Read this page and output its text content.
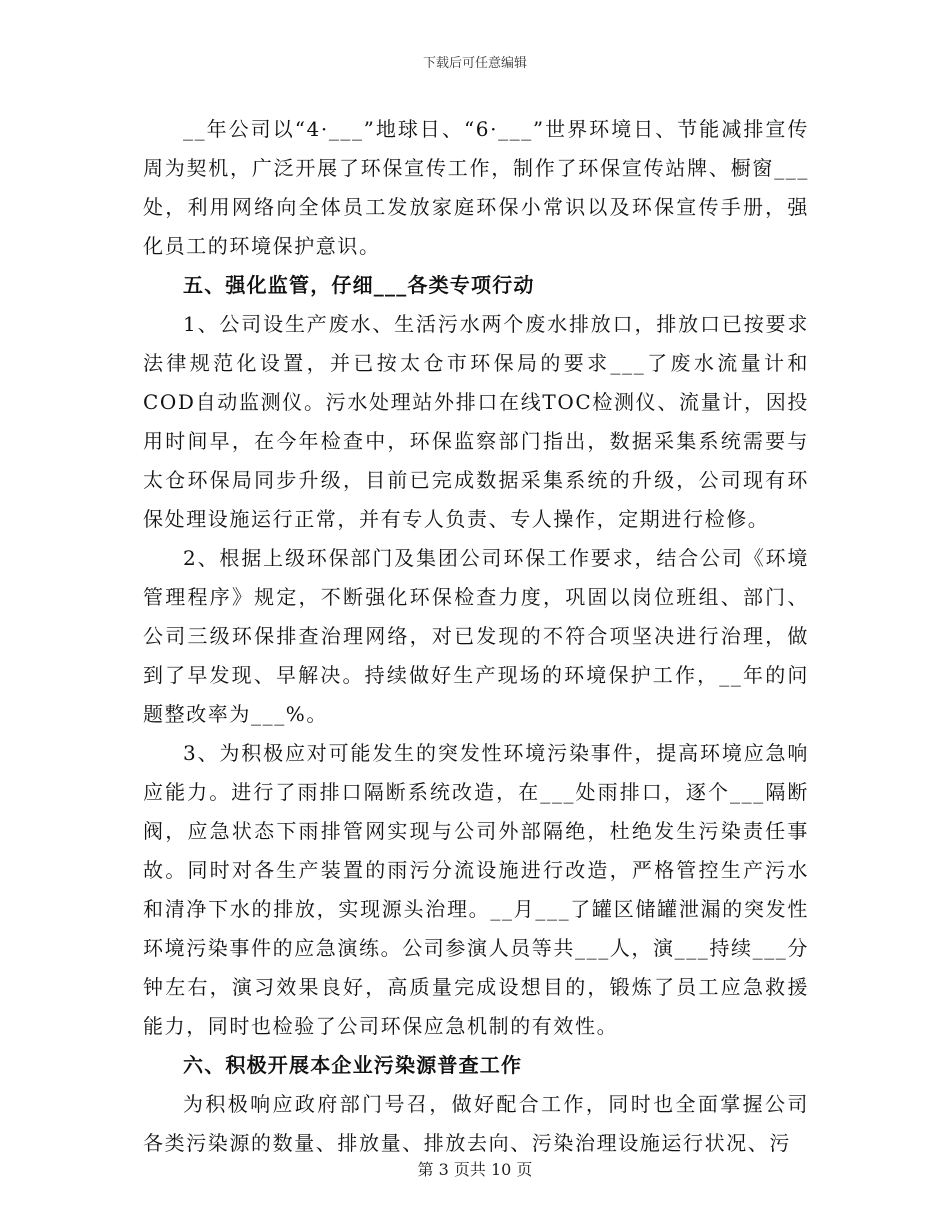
下载后可任意编辑

__年公司以“4·___”地球日、“6·___”世界环境日、节能减排宣传周为契机，广泛开展了环保宣传工作，制作了环保宣传站牌、橱窗___处，利用网络向全体员工发放家庭环保小常识以及环保宣传手册，强化员工的环境保护意识。

五、强化监管，仔细___各类专项行动

1、公司设生产废水、生活污水两个废水排放口，排放口已按要求法律规范化设置，并已按太仓市环保局的要求___了废水流量计和COD自动监测仪。污水处理站外排口在线TOC检测仪、流量计，因投用时间早，在今年检查中，环保监察部门指出，数据采集系统需要与太仓环保局同步升级，目前已完成数据采集系统的升级，公司现有环保处理设施运行正常，并有专人负责、专人操作，定期进行检修。

2、根据上级环保部门及集团公司环保工作要求，结合公司《环境管理程序》规定，不断强化环保检查力度，巩固以岗位班组、部门、公司三级环保排查治理网络，对已发现的不符合项坚决进行治理，做到了早发现、早解决。持续做好生产现场的环境保护工作，__年的问题整改率为___%。

3、为积极应对可能发生的突发性环境污染事件，提高环境应急响应能力。进行了雨排口隔断系统改造，在___处雨排口，逐个___隔断阀，应急状态下雨排管网实现与公司外部隔绝，杜绝发生污染责任事故。同时对各生产装置的雨污分流设施进行改造，严格管控生产污水和清净下水的排放，实现源头治理。__月___了罐区储罐泄漏的突发性环境污染事件的应急演练。公司参演人员等共___人，演___持续___分钟左右，演习效果良好，高质量完成设想目的，锻炼了员工应急救援能力，同时也检验了公司环保应急机制的有效性。

六、积极开展本企业污染源普查工作

为积极响应政府部门号召，做好配合工作，同时也全面掌握公司各类污染源的数量、排放量、排放去向、污染治理设施运行状况、污

第 3 页共 10 页
